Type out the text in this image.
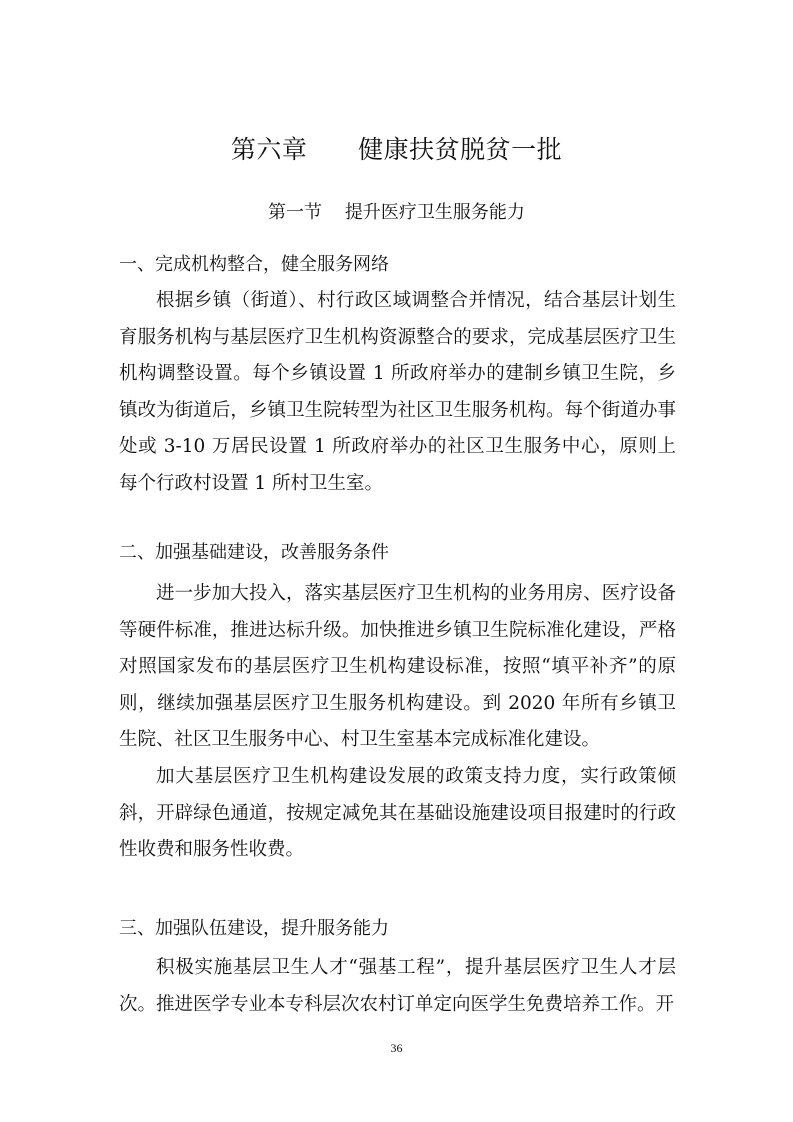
第六章      健康扶贫脱贫一批
第一节    提升医疗卫生服务能力
一、完成机构整合，健全服务网络

根据乡镇（街道）、村行政区域调整合并情况，结合基层计划生育服务机构与基层医疗卫生机构资源整合的要求，完成基层医疗卫生机构调整设置。每个乡镇设置 1 所政府举办的建制乡镇卫生院，乡镇改为街道后，乡镇卫生院转型为社区卫生服务机构。每个街道办事处或 3-10 万居民设置 1 所政府举办的社区卫生服务中心，原则上每个行政村设置 1 所村卫生室。

二、加强基础建设，改善服务条件

进一步加大投入，落实基层医疗卫生机构的业务用房、医疗设备等硬件标准，推进达标升级。加快推进乡镇卫生院标准化建设，严格对照国家发布的基层医疗卫生机构建设标准，按照“填平补齐”的原则，继续加强基层医疗卫生服务机构建设。到 2020 年所有乡镇卫生院、社区卫生服务中心、村卫生室基本完成标准化建设。

加大基层医疗卫生机构建设发展的政策支持力度，实行政策倾斜，开辟绿色通道，按规定减免其在基础设施建设项目报建时的行政性收费和服务性收费。

三、加强队伍建设，提升服务能力

积极实施基层卫生人才“强基工程”，提升基层医疗卫生人才层次。推进医学专业本专科层次农村订单定向医学生免费培养工作。开

36
